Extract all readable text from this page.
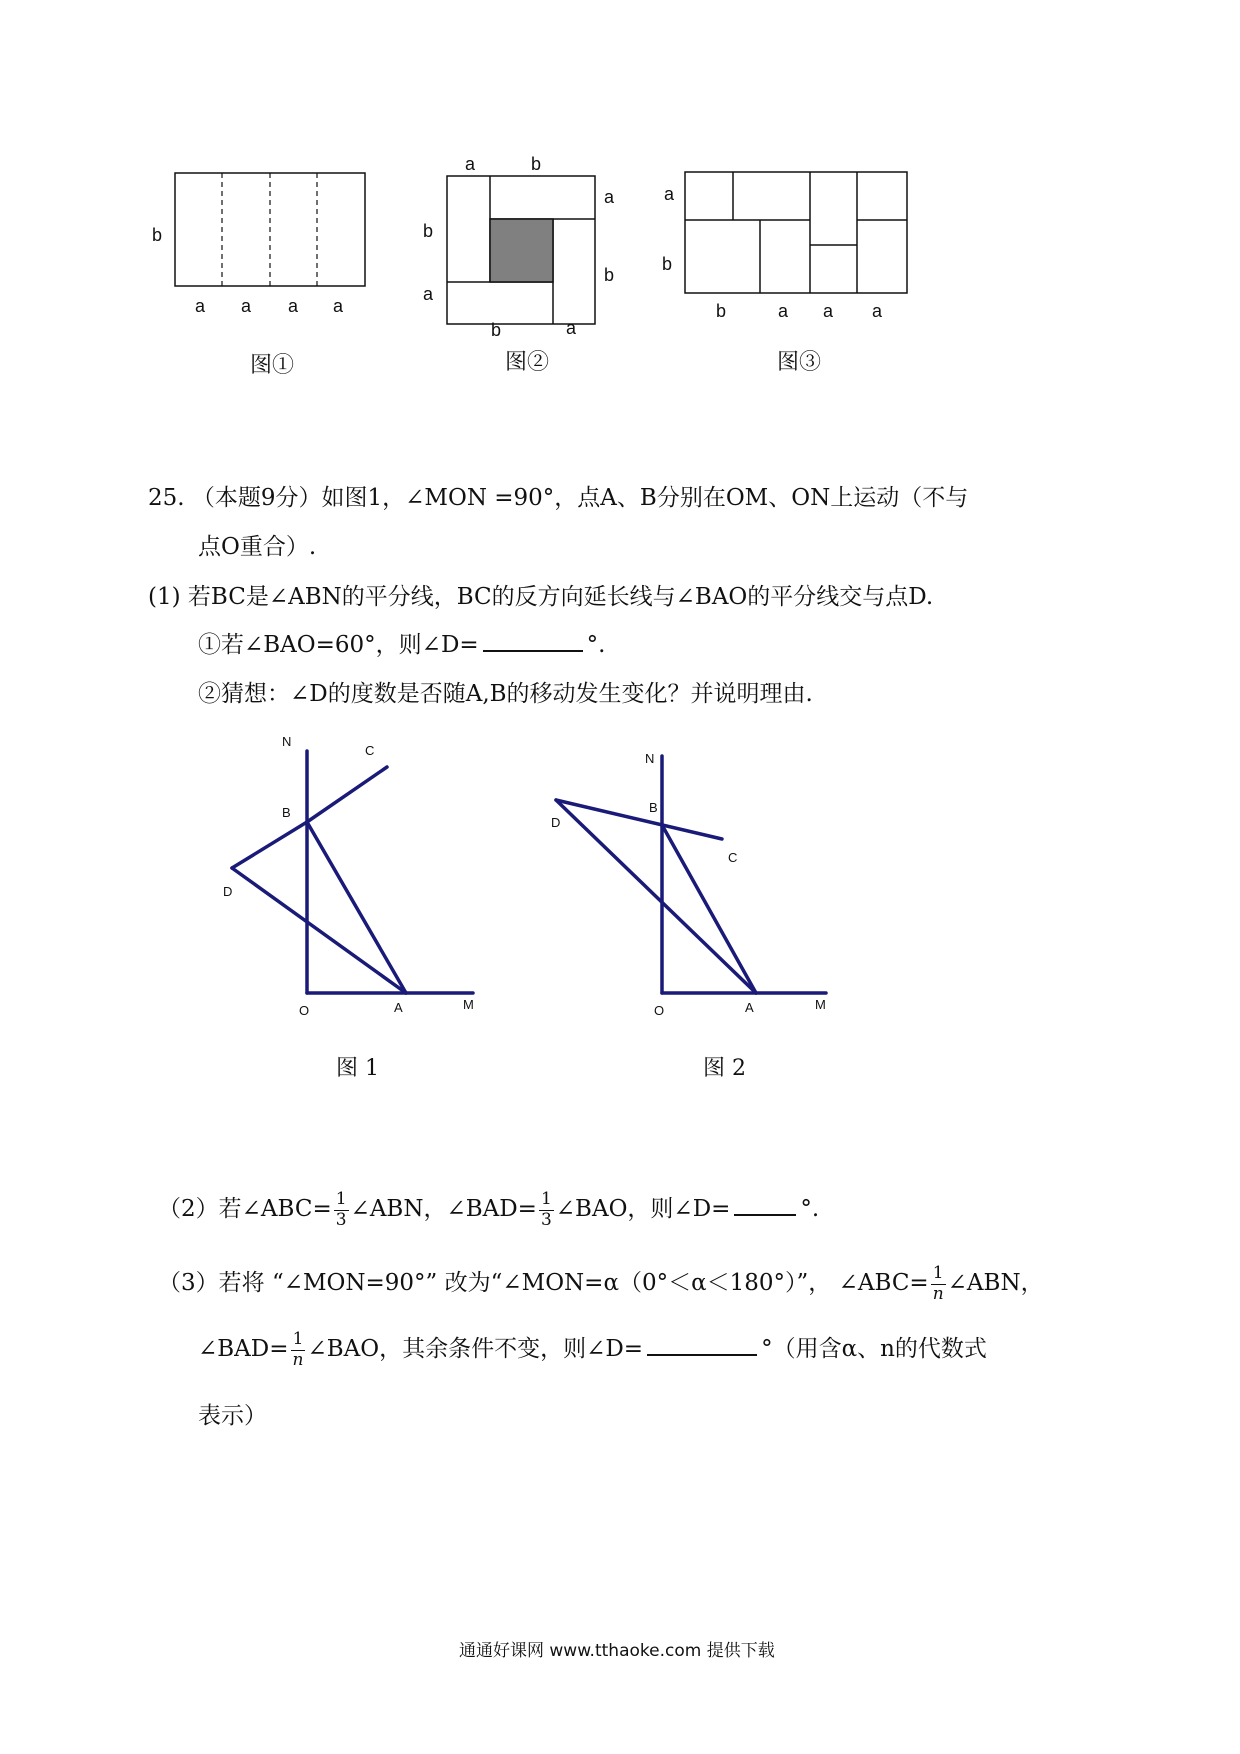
b
a a a a
a	b
b
a
a
b
b	a
a
b
b	a a a
图①	图②	图③
25. （本题9分）如图1，∠MON =90°，点A、B分别在OM、ON上运动（不与
点O重合）.
(1) 若BC是∠ABN的平分线，BC的反方向延长线与∠BAO的平分线交与点D.
①若∠BAO=60°，则∠D=	°.
②猜想：∠D的度数是否随A,B的移动发生变化？并说明理由.
N
C
B
D
O	A	M
N
B
D
C
O	A	M
图 1	图 2
（2）若∠ABC= $\frac{1}{3}$ ∠ABN，∠BAD= $\frac{1}{3}$ ∠BAO，则∠D=	°.
（3）若将 “∠MON=90°” 改为“∠MON=α（0°＜α＜180°）”， ∠ABC= $\frac{1}{n}$ ∠ABN，
∠BAD= $\frac{1}{n}$ ∠BAO，其余条件不变，则∠D=	°（用含α、n的代数式
表示）
通通好课网 www.tthaoke.com 提供下载
